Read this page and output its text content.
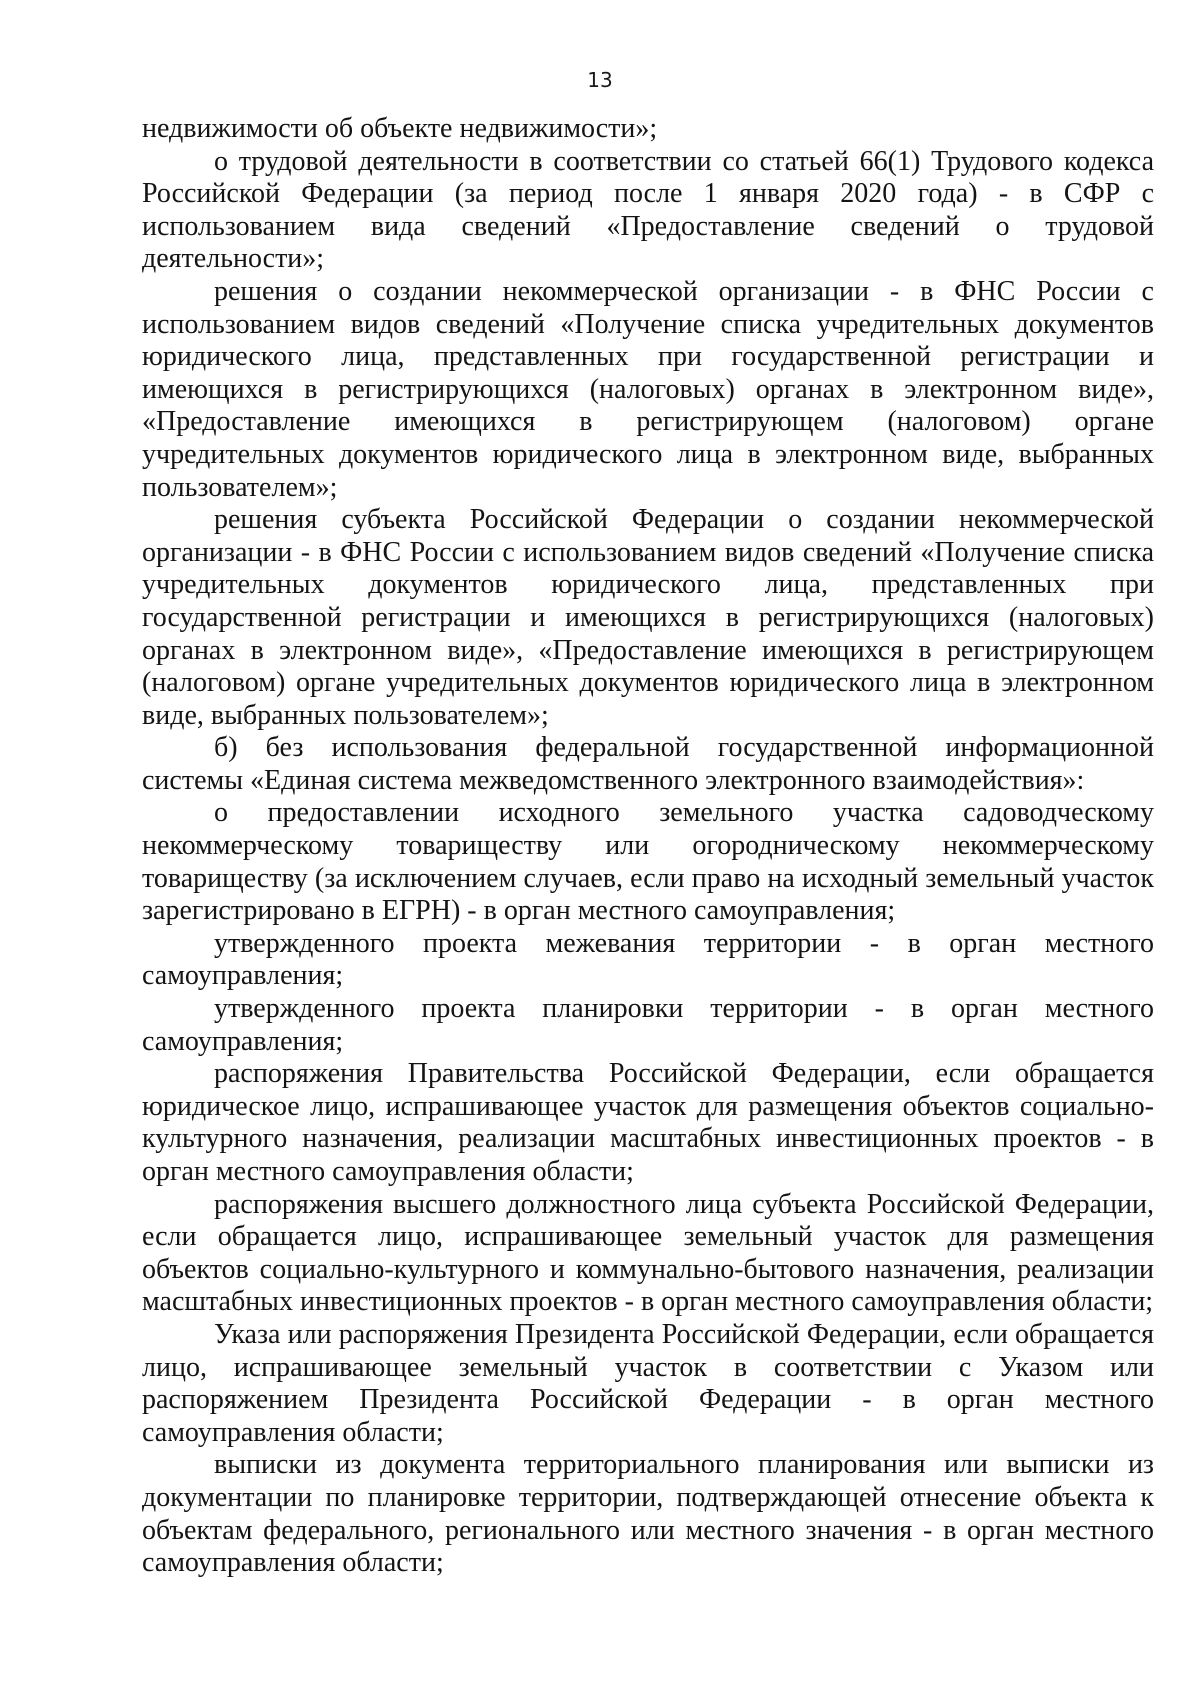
13

недвижимости об объекте недвижимости»;

о трудовой деятельности в соответствии со статьей 66(1) Трудового кодекса Российской Федерации (за период после 1 января 2020 года) - в СФР с использованием вида сведений «Предоставление сведений о трудовой деятельности»;

решения о создании некоммерческой организации - в ФНС России с использованием видов сведений «Получение списка учредительных документов юридического лица, представленных при государственной регистрации и имеющихся в регистрирующихся (налоговых) органах в электронном виде», «Предоставление имеющихся в регистрирующем (налоговом) органе учредительных документов юридического лица в электронном виде, выбранных пользователем»;

решения субъекта Российской Федерации о создании некоммерческой организации - в ФНС России с использованием видов сведений «Получение списка учредительных документов юридического лица, представленных при государственной регистрации и имеющихся в регистрирующихся (налоговых) органах в электронном виде», «Предоставление имеющихся в регистрирующем (налоговом) органе учредительных документов юридического лица в электронном виде, выбранных пользователем»;

б) без использования федеральной государственной информационной системы «Единая система межведомственного электронного взаимодействия»:

о предоставлении исходного земельного участка садоводческому некоммерческому товариществу или огородническому некоммерческому товариществу (за исключением случаев, если право на исходный земельный участок зарегистрировано в ЕГРН) - в орган местного самоуправления;

утвержденного проекта межевания территории - в орган местного самоуправления;

утвержденного проекта планировки территории - в орган местного самоуправления;

распоряжения Правительства Российской Федерации, если обращается юридическое лицо, испрашивающее участок для размещения объектов социально-культурного назначения, реализации масштабных инвестиционных проектов - в орган местного самоуправления области;

распоряжения высшего должностного лица субъекта Российской Федерации, если обращается лицо, испрашивающее земельный участок для размещения объектов социально-культурного и коммунально-бытового назначения, реализации масштабных инвестиционных проектов - в орган местного самоуправления области;

Указа или распоряжения Президента Российской Федерации, если обращается лицо, испрашивающее земельный участок в соответствии с Указом или распоряжением Президента Российской Федерации - в орган местного самоуправления области;

выписки из документа территориального планирования или выписки из документации по планировке территории, подтверждающей отнесение объекта к объектам федерального, регионального или местного значения - в орган местного самоуправления области;
